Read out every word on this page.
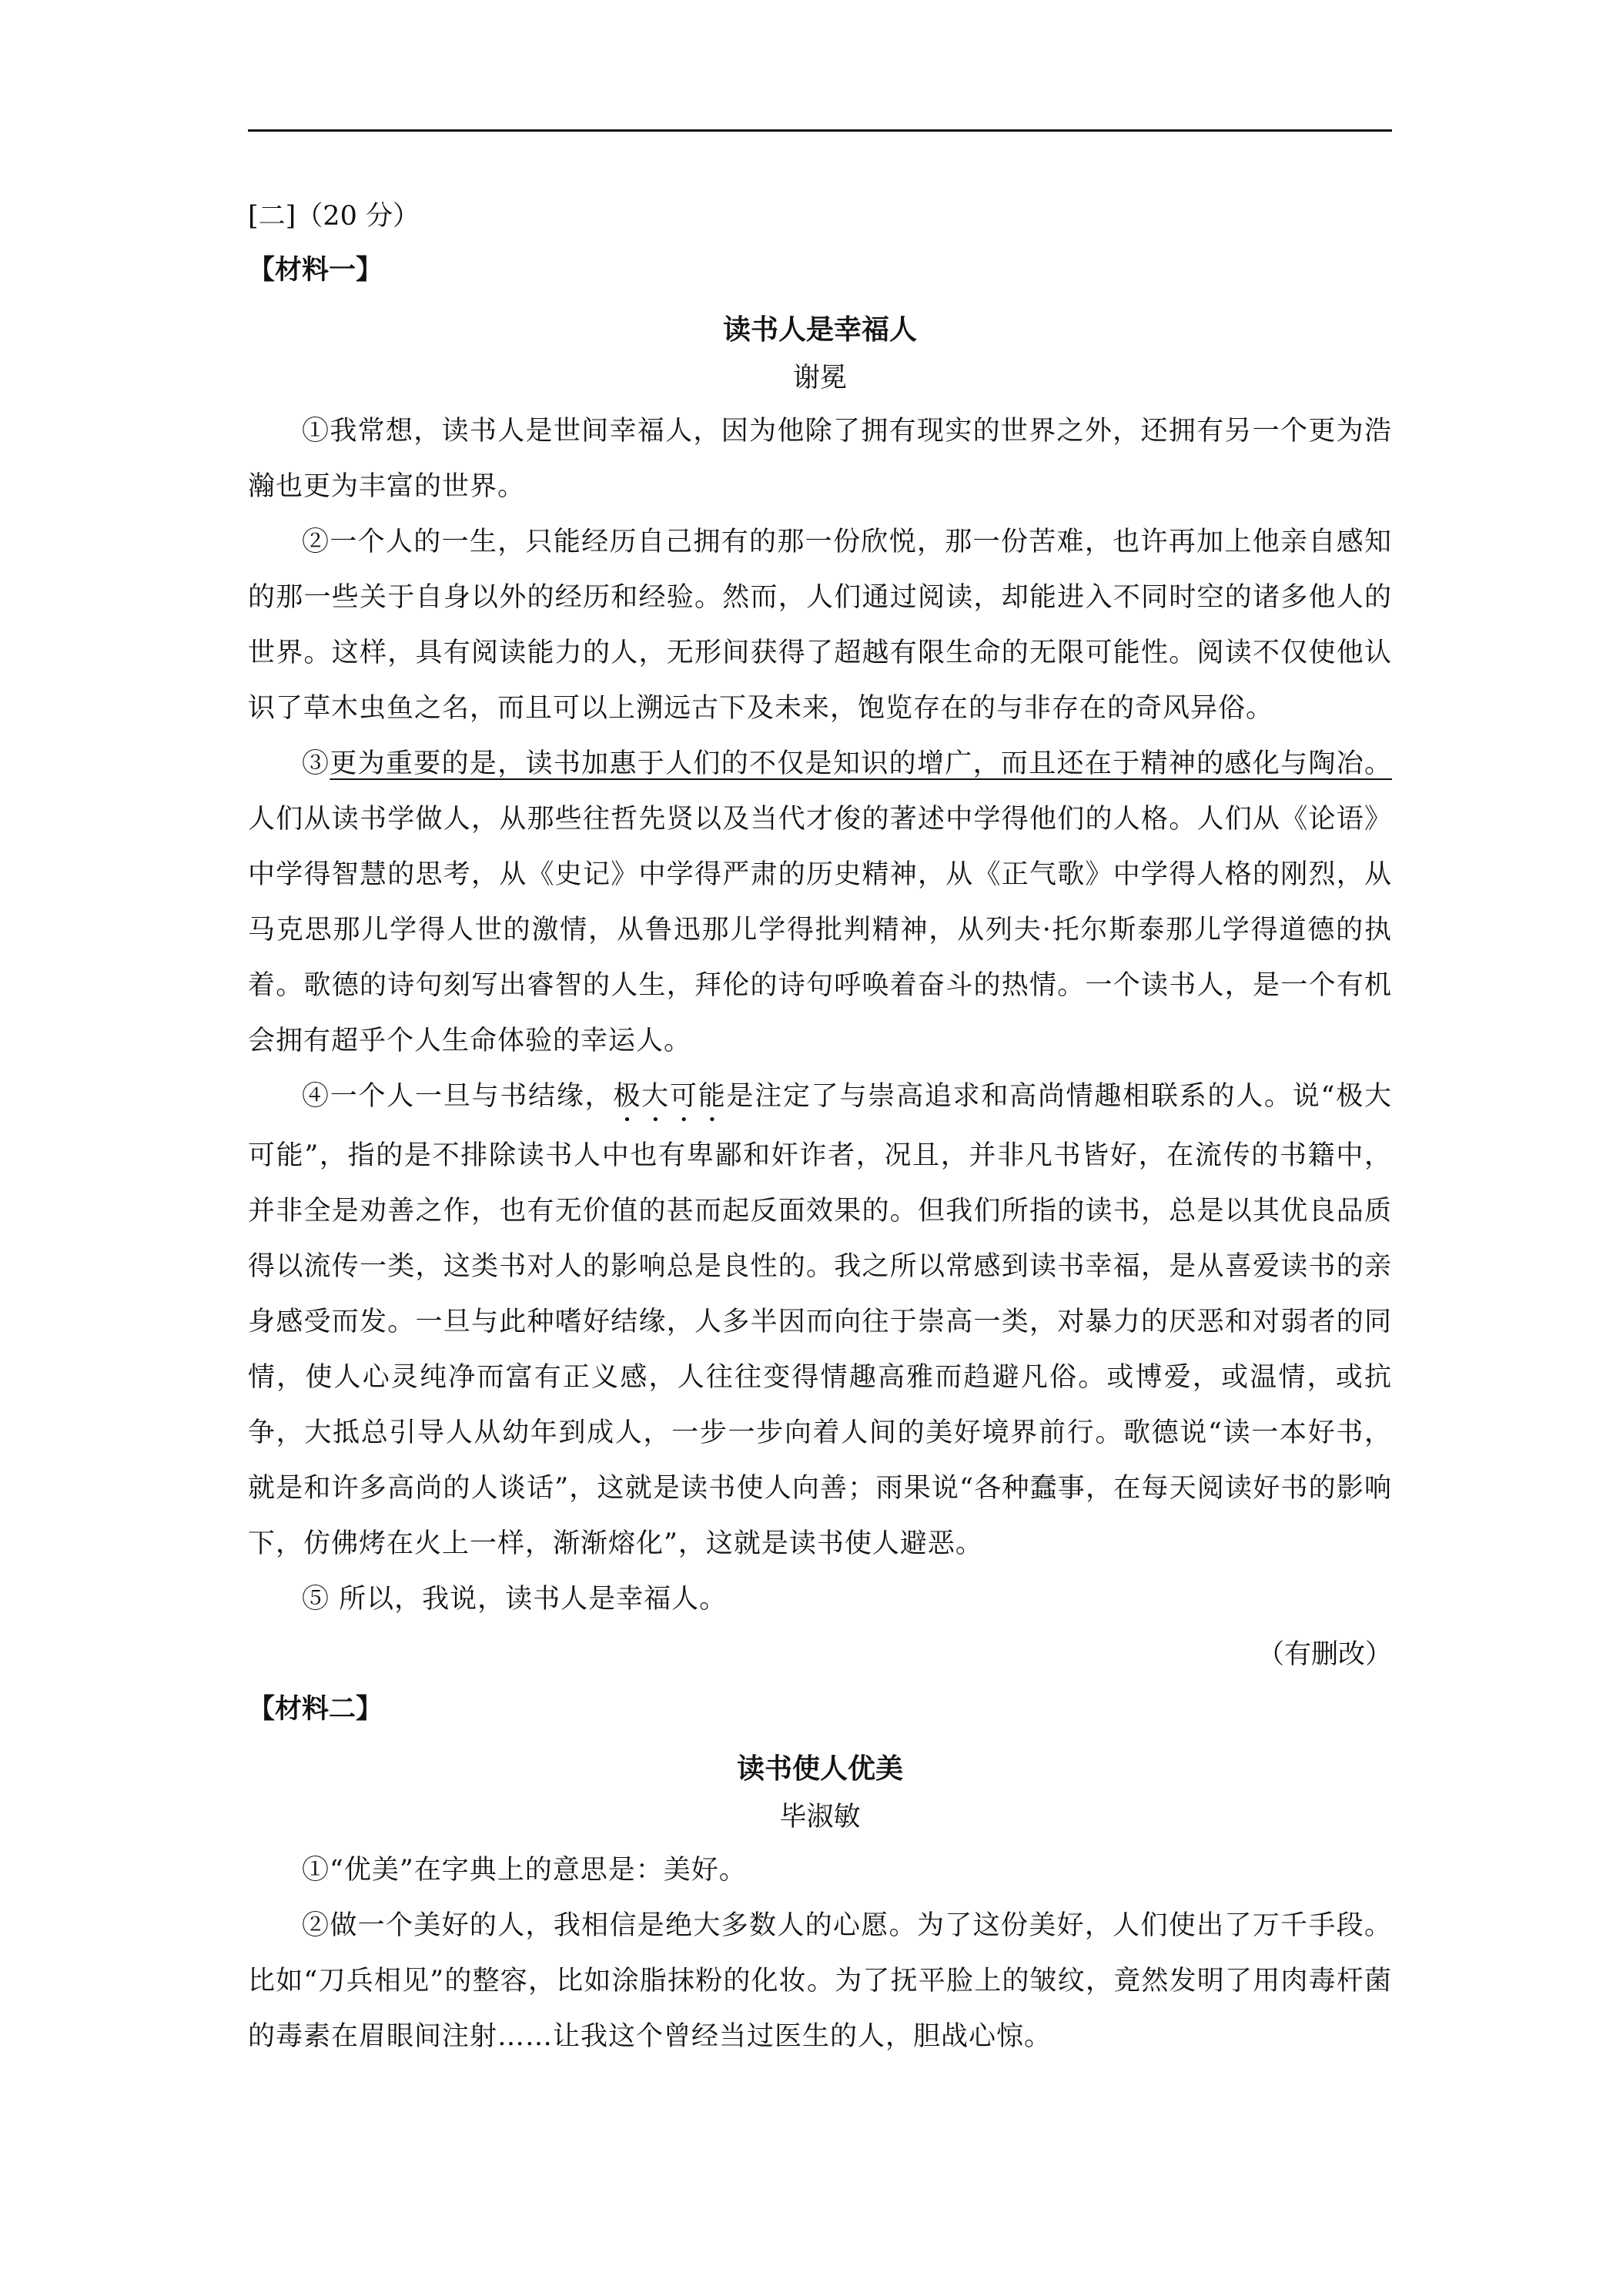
[二]（20 分）

【材料一】

读书人是幸福人

谢冕

①我常想，读书人是世间幸福人，因为他除了拥有现实的世界之外，还拥有另一个更为浩瀚也更为丰富的世界。

②一个人的一生，只能经历自己拥有的那一份欣悦，那一份苦难，也许再加上他亲自感知的那一些关于自身以外的经历和经验。然而，人们通过阅读，却能进入不同时空的诸多他人的世界。这样，具有阅读能力的人，无形间获得了超越有限生命的无限可能性。阅读不仅使他认识了草木虫鱼之名，而且可以上溯远古下及未来，饱览存在的与非存在的奇风异俗。

③更为重要的是，读书加惠于人们的不仅是知识的增广，而且还在于精神的感化与陶冶。人们从读书学做人，从那些往哲先贤以及当代才俊的著述中学得他们的人格。人们从《论语》中学得智慧的思考，从《史记》中学得严肃的历史精神，从《正气歌》中学得人格的刚烈，从马克思那儿学得人世的激情，从鲁迅那儿学得批判精神，从列夫·托尔斯泰那儿学得道德的执着。歌德的诗句刻写出睿智的人生，拜伦的诗句呼唤着奋斗的热情。一个读书人，是一个有机会拥有超乎个人生命体验的幸运人。

④一个人一旦与书结缘，极大可能是注定了与崇高追求和高尚情趣相联系的人。说“极大可能”，指的是不排除读书人中也有卑鄙和奸诈者，况且，并非凡书皆好，在流传的书籍中，并非全是劝善之作，也有无价值的甚而起反面效果的。但我们所指的读书，总是以其优良品质得以流传一类，这类书对人的影响总是良性的。我之所以常感到读书幸福，是从喜爱读书的亲身感受而发。一旦与此种嗜好结缘，人多半因而向往于崇高一类，对暴力的厌恶和对弱者的同情，使人心灵纯净而富有正义感，人往往变得情趣高雅而趋避凡俗。或博爱，或温情，或抗争，大抵总引导人从幼年到成人，一步一步向着人间的美好境界前行。歌德说“读一本好书，就是和许多高尚的人谈话”，这就是读书使人向善；雨果说“各种蠢事，在每天阅读好书的影响下，仿佛烤在火上一样，渐渐熔化”，这就是读书使人避恶。

⑤ 所以，我说，读书人是幸福人。

（有删改）

【材料二】

读书使人优美

毕淑敏

①“优美”在字典上的意思是：美好。

②做一个美好的人，我相信是绝大多数人的心愿。为了这份美好，人们使出了万千手段。比如“刀兵相见”的整容，比如涂脂抹粉的化妆。为了抚平脸上的皱纹，竟然发明了用肉毒杆菌的毒素在眉眼间注射……让我这个曾经当过医生的人，胆战心惊。
